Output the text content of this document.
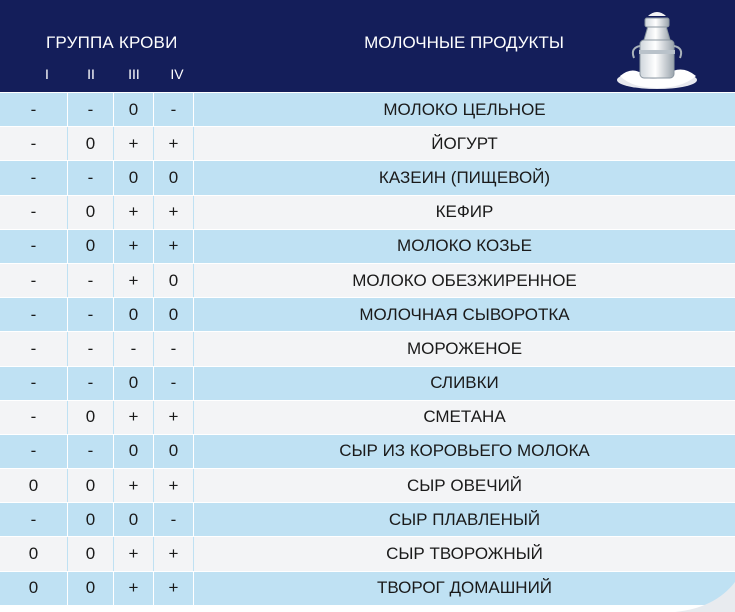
ГРУППА КРОВИ	МОЛОЧНЫЕ ПРОДУКТЫ
I	II	III	IV
-	-	0	-	МОЛОКО ЦЕЛЬНОЕ
-	0	+	+	ЙОГУРТ
-	-	0	0	КАЗЕИН (ПИЩЕВОЙ)
-	0	+	+	КЕФИР
-	0	+	+	МОЛОКО КОЗЬЕ
-	-	+	0	МОЛОКО ОБЕЗЖИРЕННОЕ
-	-	0	0	МОЛОЧНАЯ СЫВОРОТКА
-	-	-	-	МОРОЖЕНОЕ
-	-	0	-	СЛИВКИ
-	0	+	+	СМЕТАНА
-	-	0	0	СЫР ИЗ КОРОВЬЕГО МОЛОКА
0	0	+	+	СЫР ОВЕЧИЙ
-	0	0	-	СЫР ПЛАВЛЕНЫЙ
0	0	+	+	СЫР ТВОРОЖНЫЙ
0	0	+	+	ТВОРОГ ДОМАШНИЙ
